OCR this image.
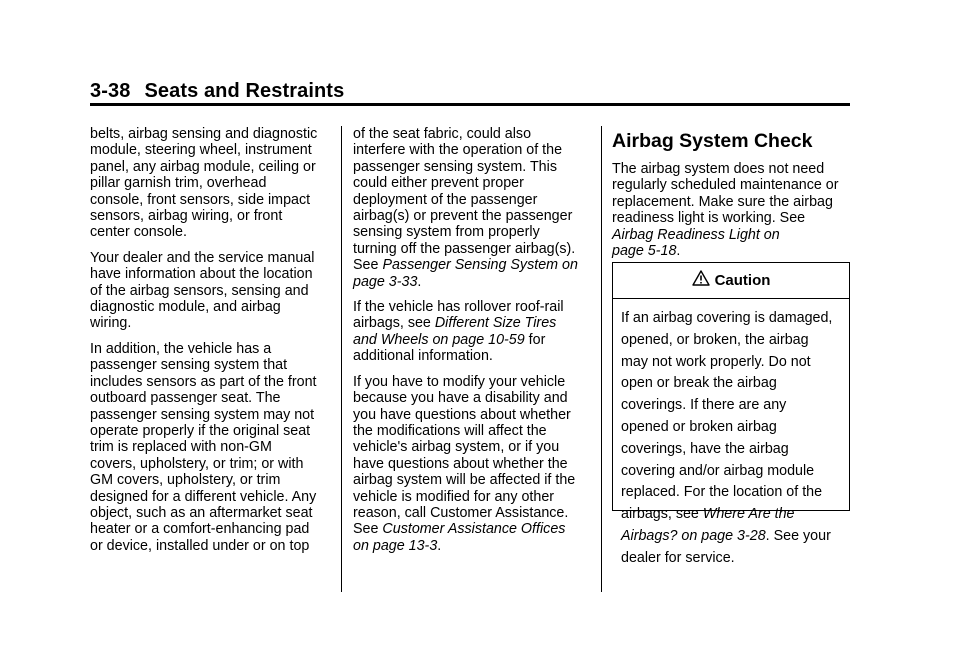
3-38 Seats and Restraints

belts, airbag sensing and diagnostic
module, steering wheel, instrument
panel, any airbag module, ceiling or
pillar garnish trim, overhead
console, front sensors, side impact
sensors, airbag wiring, or front
center console.

Your dealer and the service manual
have information about the location
of the airbag sensors, sensing and
diagnostic module, and airbag
wiring.

In addition, the vehicle has a
passenger sensing system that
includes sensors as part of the front
outboard passenger seat. The
passenger sensing system may not
operate properly if the original seat
trim is replaced with non-GM
covers, upholstery, or trim; or with
GM covers, upholstery, or trim
designed for a different vehicle. Any
object, such as an aftermarket seat
heater or a comfort-enhancing pad
or device, installed under or on top

of the seat fabric, could also
interfere with the operation of the
passenger sensing system. This
could either prevent proper
deployment of the passenger
airbag(s) or prevent the passenger
sensing system from properly
turning off the passenger airbag(s).
See Passenger Sensing System on
page 3-33.

If the vehicle has rollover roof-rail
airbags, see Different Size Tires
and Wheels on page 10-59 for
additional information.

If you have to modify your vehicle
because you have a disability and
you have questions about whether
the modifications will affect the
vehicle's airbag system, or if you
have questions about whether the
airbag system will be affected if the
vehicle is modified for any other
reason, call Customer Assistance.
See Customer Assistance Offices
on page 13-3.

Airbag System Check

The airbag system does not need
regularly scheduled maintenance or
replacement. Make sure the airbag
readiness light is working. See
Airbag Readiness Light on
page 5-18.

Caution
If an airbag covering is damaged,
opened, or broken, the airbag
may not work properly. Do not
open or break the airbag
coverings. If there are any
opened or broken airbag
coverings, have the airbag
covering and/or airbag module
replaced. For the location of the
airbags, see Where Are the
Airbags? on page 3-28. See your
dealer for service.
